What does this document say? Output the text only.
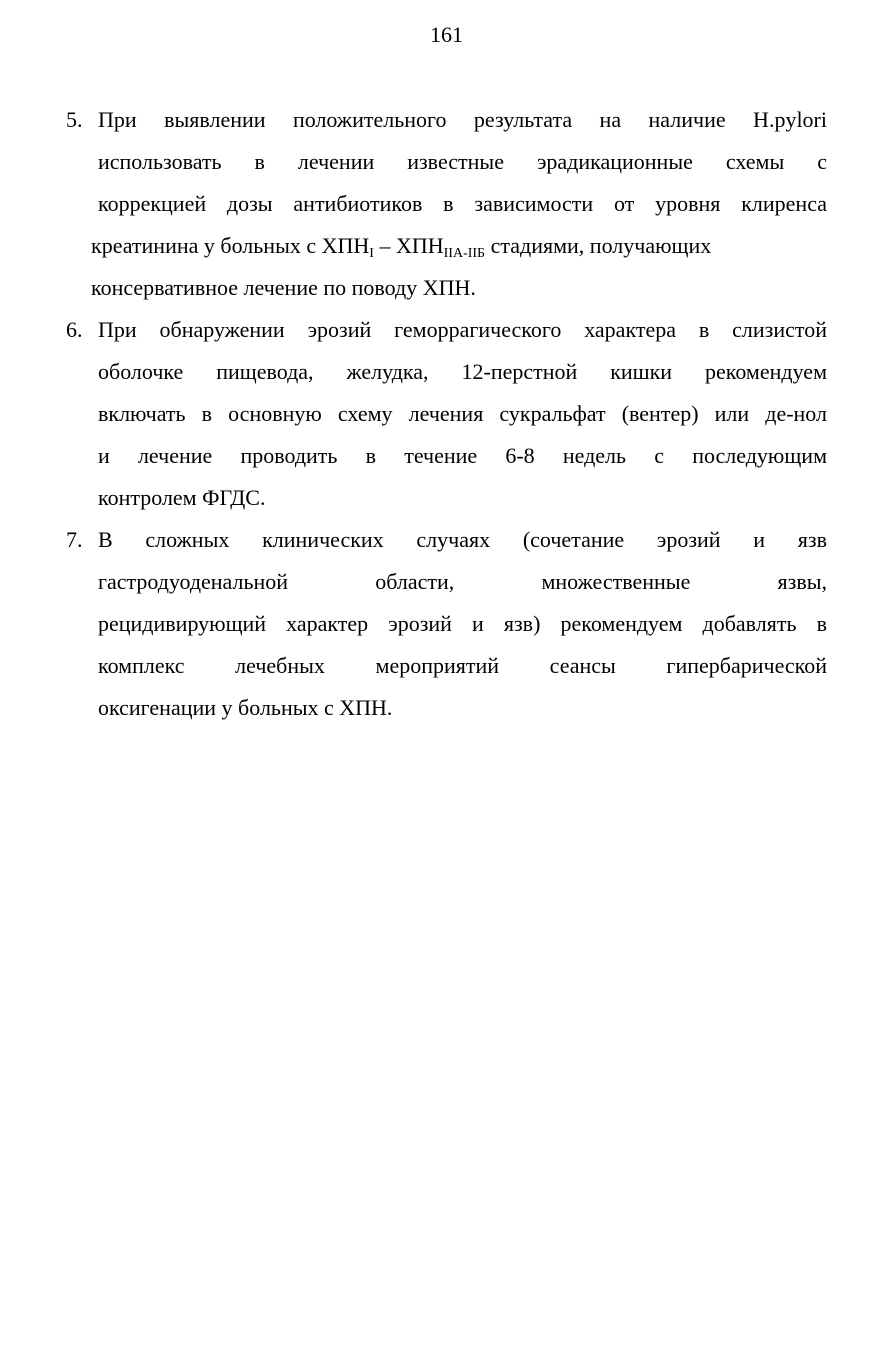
161
5. При выявлении положительного результата на наличие H.pylori
использовать в лечении известные эрадикационные схемы с
коррекцией дозы антибиотиков в зависимости от уровня клиренса
креатинина у больных с $ХПН_I - ХПН_{IIА-IIБ}$ стадиями, получающих
консервативное лечение по поводу ХПН.
6. При обнаружении эрозий геморрагического характера в слизистой
оболочке пищевода, желудка, 12-перстной кишки рекомендуем
включать в основную схему лечения сукральфат (вентер) или де-нол
и лечение проводить в течение 6-8 недель с последующим
контролем ФГДС.
7. В сложных клинических случаях (сочетание эрозий и язв
гастродуоденальной области, множественные язвы,
рецидивирующий характер эрозий и язв) рекомендуем добавлять в
комплекс лечебных мероприятий сеансы гипербарической
оксигенации у больных с ХПН.
